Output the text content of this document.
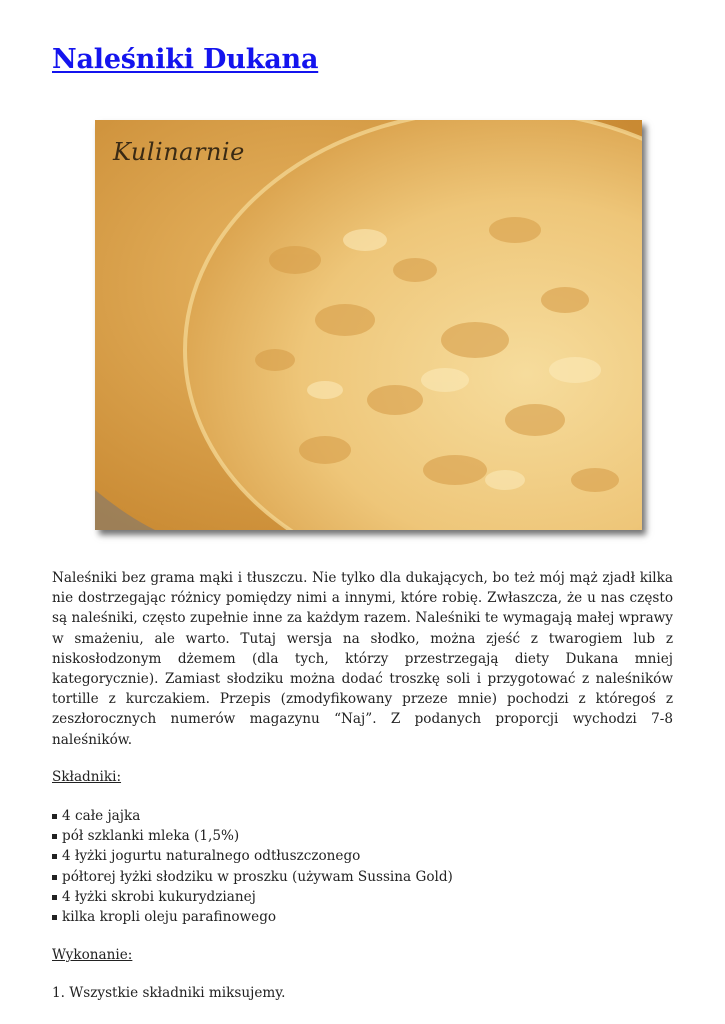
Naleśniki Dukana
Kulinarnie

Naleśniki bez grama mąki i tłuszczu. Nie tylko dla dukających, bo też mój mąż zjadł kilka nie dostrzegając różnicy pomiędzy nimi a innymi, które robię. Zwłaszcza, że u nas często są naleśniki, często zupełnie inne za każdym razem. Naleśniki te wymagają małej wprawy w smażeniu, ale warto. Tutaj wersja na słodko, można zjeść z twarogiem lub z niskosłodzonym dżemem (dla tych, którzy przestrzegają diety Dukana mniej kategorycznie). Zamiast słodziku można dodać troszkę soli i przygotować z naleśników tortille z kurczakiem. Przepis (zmodyfikowany przeze mnie) pochodzi z któregoś z zeszłorocznych numerów magazynu “Naj”. Z podanych proporcji wychodzi 7-8 naleśników.

Składniki:

4 całe jajka
pół szklanki mleka (1,5%)
4 łyżki jogurtu naturalnego odtłuszczonego
półtorej łyżki słodziku w proszku (używam Sussina Gold)
4 łyżki skrobi kukurydzianej
kilka kropli oleju parafinowego

Wykonanie:

1. Wszystkie składniki miksujemy.
